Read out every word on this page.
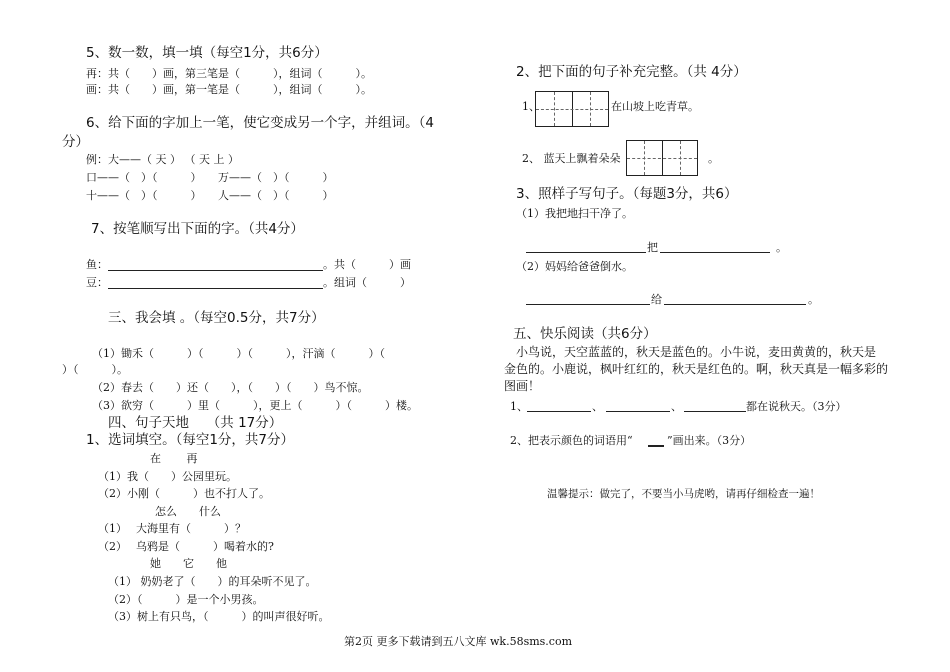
5、数一数，填一填（每空1分，共6分）
再：共（　　）画，第三笔是（　　　），组词（　　　）。
画：共（　　）画，第一笔是（　　　），组词（　　　）。
6、给下面的字加上一笔，使它变成另一个字，并组词。（4
分）
例：大——（ 天 ） （ 天 上 ）
口——（　）（　　　）　　万——（　）（　　　）
十——（　）（　　　）　　人——（　）（　　　）
7、按笔顺写出下面的字。（共4分）
鱼：	。共（　　　）画
豆：	。组词（　　　）
三、我会填 。（每空0.5分，共7分）
（1）锄禾（　　　）（　　　）（　　　），汗滴（　　　）（
）（　　　）。
（2）春去（　　）还（　　），（　　）（　　）鸟不惊。
（3）欲穷（　　　）里（　　　），更上（　　　）（　　　）楼。
四、句子天地　 （共 17分）
1、选词填空。（每空1分，共7分）
在　　 再
（1）我（　　）公园里玩。
（2）小刚（　　　）也不打人了。
怎么　　什么
（1）　 大海里有（　　　）？
（2）　 乌鸦是（　　　）喝着水的?
她　　它　　他
（1） 奶奶老了（　　）的耳朵听不见了。
（2）（　　　）是一个小男孩。
（3）树上有只鸟，（　　　）的叫声很好听。
2、把下面的句子补充完整。（共 4分）
1、	在山坡上吃青草。
2、 蓝天上飘着朵朵	。
3、照样子写句子。（每题3分，共6）
（1）我把地扫干净了。
把	。
（2）妈妈给爸爸倒水。
给	。
五、快乐阅读（共6分）
小鸟说，天空蓝蓝的，秋天是蓝色的。小牛说，麦田黄黄的，秋天是
金色的。小鹿说，枫叶红红的，秋天是红色的。啊，秋天真是一幅多彩的
图画！
1、	、	、	都在说秋天。（3分）
2、把表示颜色的词语用“	”画出来。（3分）
温馨提示：做完了，不要当小马虎哟，请再仔细检查一遍！
第2页 更多下载请到五八文库 wk.58sms.com
